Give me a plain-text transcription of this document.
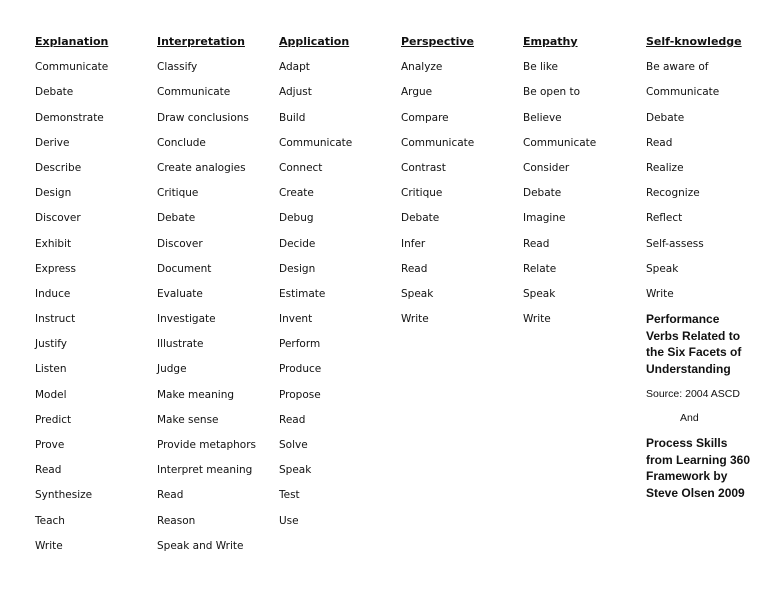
Explanation
Communicate
Debate
Demonstrate
Derive
Describe
Design
Discover
Exhibit
Express
Induce
Instruct
Justify
Listen
Model
Predict
Prove
Read
Synthesize
Teach
Write
Interpretation
Classify
Communicate
Draw conclusions
Conclude
Create analogies
Critique
Debate
Discover
Document
Evaluate
Investigate
Illustrate
Judge
Make meaning
Make sense
Provide metaphors
Interpret meaning
Read
Reason
Speak and Write
Application
Adapt
Adjust
Build
Communicate
Connect
Create
Debug
Decide
Design
Estimate
Invent
Perform
Produce
Propose
Read
Solve
Speak
Test
Use
Perspective
Analyze
Argue
Compare
Communicate
Contrast
Critique
Debate
Infer
Read
Speak
Write
Empathy
Be like
Be open to
Believe
Communicate
Consider
Debate
Imagine
Read
Relate
Speak
Write
Self-knowledge
Be aware of
Communicate
Debate
Read
Realize
Recognize
Reflect
Self-assess
Speak
Write
Performance Verbs Related to the Six Facets of Understanding
Source: 2004 ASCD
And
Process Skills from Learning 360 Framework by Steve Olsen 2009
